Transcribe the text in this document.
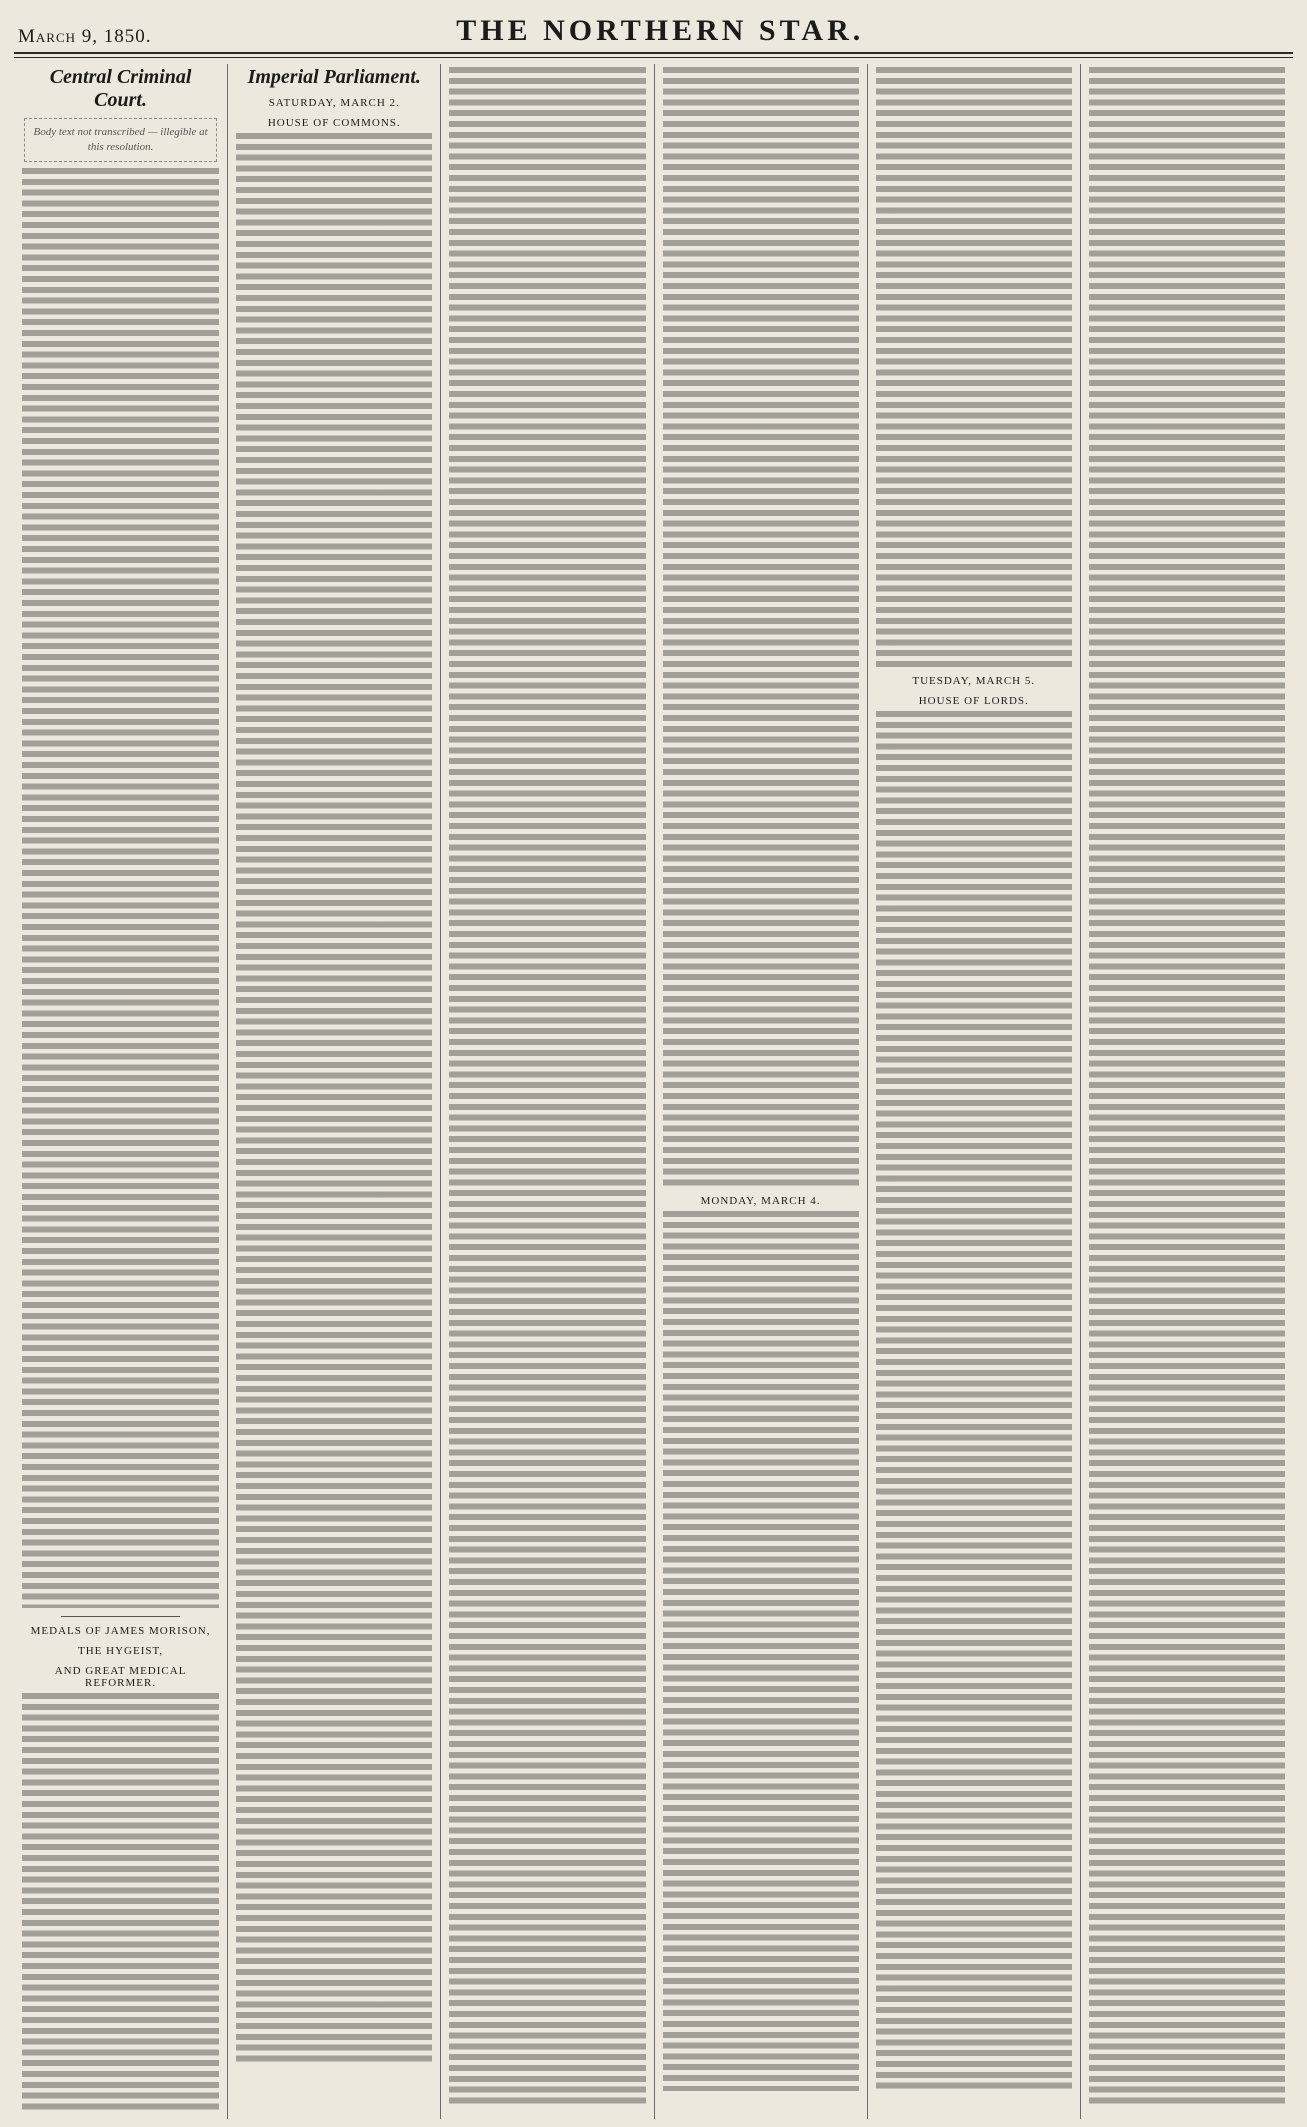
March 9, 1850.	THE NORTHERN STAR.
Central Criminal Court.
Body text not transcribed — illegible at this resolution.
MEDALS OF JAMES MORISON,
THE HYGEIST,
AND GREAT MEDICAL REFORMER.
Imperial Parliament.
SATURDAY, MARCH 2.
HOUSE OF COMMONS.
MONDAY, MARCH 4.
TUESDAY, MARCH 5.
HOUSE OF LORDS.
